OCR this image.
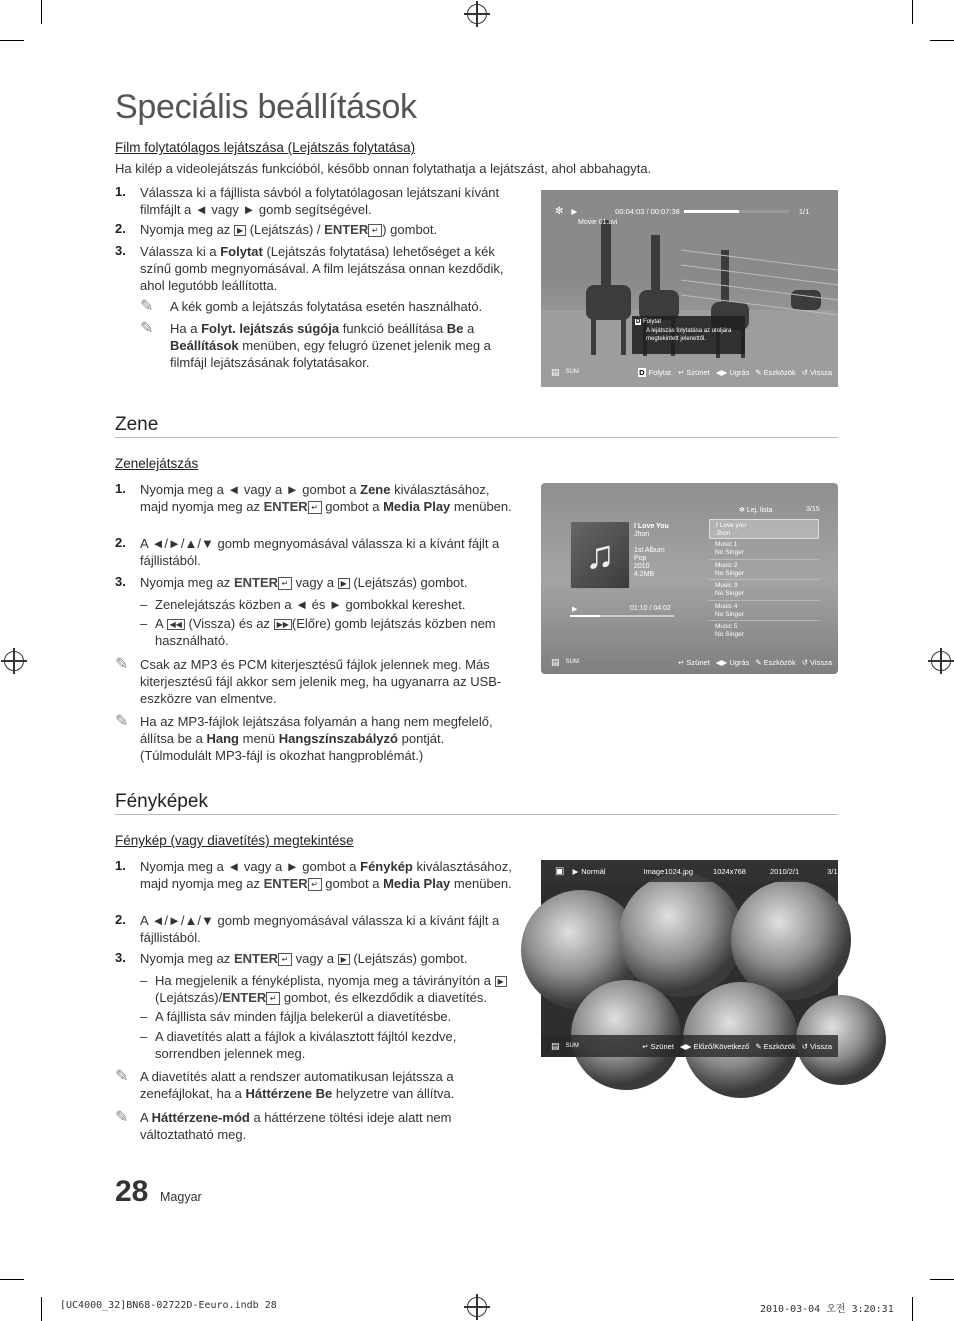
Speciális beállítások
Film folytatólagos lejátszása (Lejátszás folytatása)
Ha kilép a videolejátszás funkcióból, később onnan folytathatja a lejátszást, ahol abbahagyta.
1. Válassza ki a fájllista sávból a folytatólagosan lejátszani kívánt filmfájlt a ◄ vagy ► gomb segítségével.
2. Nyomja meg az ▶ (Lejátszás) / ENTER ↵ ) gombot.
3. Válassza ki a Folytat (Lejátszás folytatása) lehetőséget a kék színű gomb megnyomásával. A film lejátszása onnan kezdődik, ahol legutóbb leállította.
✎ A kék gomb a lejátszás folytatása esetén használható.
✎ Ha a Folyt. lejátszás súgója funkció beállítása Be a Beállítások menüben, egy felugró üzenet jelenik meg a filmfájl lejátszásának folytatásakor.
✻ ▶	00:04:03 / 00:07:38	1/1
Movie 01.avi
D Folytat
A lejátszás folytatása az utoljára megtekintett jelenettől.
▤ SUM	D Folytat ↵ Szünet ◀▶ Ugrás ✎ Eszközök ↺ Vissza
Zene
Zenelejátszás
1. Nyomja meg a ◄ vagy a ► gombot a Zene kiválasztásához, majd nyomja meg az ENTER ↵ gombot a Media Play menüben.
2. A ◄/►/▲/▼ gomb megnyomásával válassza ki a kívánt fájlt a fájllistából.
3. Nyomja meg az ENTER ↵ vagy a ▶ (Lejátszás) gombot.
– Zenelejátszás közben a ◄ és ► gombokkal kereshet.
– A ◀◀ (Vissza) és az ▶▶ (Előre) gomb lejátszás közben nem használható.
✎ Csak az MP3 és PCM kiterjesztésű fájlok jelennek meg. Más kiterjesztésű fájl akkor sem jelenik meg, ha ugyanarra az USB-eszközre van elmentve.
✎ Ha az MP3-fájlok lejátszása folyamán a hang nem megfelelő, állítsa be a Hang menü Hangszínszabályzó pontját. (Túlmodulált MP3-fájl is okozhat hangproblémát.)
✻ Lej. lista	3/15
♫
I Love You
Jhon
1st Album
Pop
2010
4.2MB
▶	01:10 / 04:02
I Love you
Jhon
Music 1
No Singer
Music 2
No Singer
Music 3
No Singer
Music 4
No Singer
Music 5
No Singer
▤ SUM	↵ Szünet ◀▶ Ugrás ✎ Eszközök ↺ Vissza
Fényképek
Fénykép (vagy diavetítés) megtekintése
1. Nyomja meg a ◄ vagy a ► gombot a Fénykép kiválasztásához, majd nyomja meg az ENTER ↵ gombot a Media Play menüben.
2. A ◄/►/▲/▼ gomb megnyomásával válassza ki a kívánt fájlt a fájllistából.
3. Nyomja meg az ENTER ↵ vagy a ▶ (Lejátszás) gombot.
– Ha megjelenik a fényképlista, nyomja meg a távirányítón a ▶ (Lejátszás)/ENTER ↵ gombot, és elkezdődik a diavetítés.
– A fájllista sáv minden fájlja belekerül a diavetítésbe.
– A diavetítés alatt a fájlok a kiválasztott fájltól kezdve, sorrendben jelennek meg.
✎ A diavetítés alatt a rendszer automatikusan lejátssza a zenefájlokat, ha a Háttérzene Be helyzetre van állítva.
✎ A Háttérzene-mód a háttérzene töltési ideje alatt nem változtatható meg.
▣ ▶ Normál	Image1024.jpg	1024x768	2010/2/1	3/15
▤ SUM	↵ Szünet ◀▶ Előző/Következő ✎ Eszközök ↺ Vissza
28 Magyar
[UC4000_32]BN68-02722D-Eeuro.indb 28	2010-03-04 오전 3:20:31
